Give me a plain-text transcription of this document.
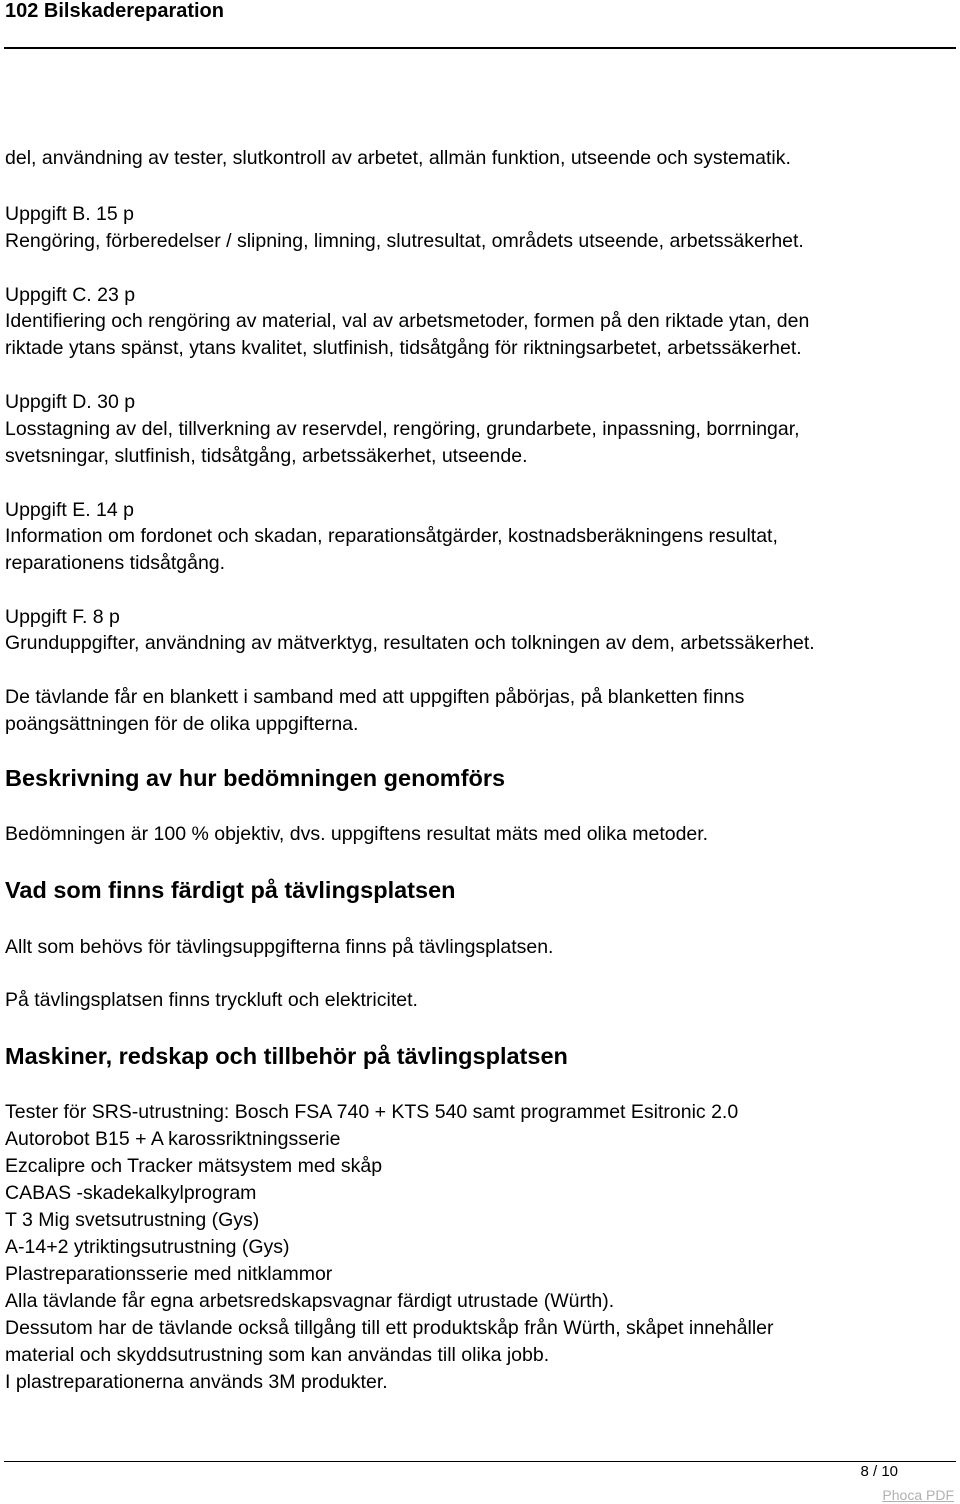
102 Bilskadereparation
del, användning av tester, slutkontroll av arbetet, allmän funktion, utseende och systematik.
Uppgift B. 15 p
Rengöring, förberedelser / slipning, limning, slutresultat, områdets utseende, arbetssäkerhet.
Uppgift C. 23 p
Identifiering och rengöring av material, val av arbetsmetoder, formen på den riktade ytan, den
riktade ytans spänst, ytans kvalitet, slutfinish, tidsåtgång för riktningsarbetet, arbetssäkerhet.
Uppgift D. 30 p
Losstagning av del, tillverkning av reservdel, rengöring, grundarbete, inpassning, borrningar,
svetsningar, slutfinish, tidsåtgång, arbetssäkerhet, utseende.
Uppgift E. 14 p
Information om fordonet och skadan, reparationsåtgärder, kostnadsberäkningens resultat,
reparationens tidsåtgång.
Uppgift F. 8 p
Grunduppgifter, användning av mätverktyg, resultaten och tolkningen av dem, arbetssäkerhet.
De tävlande får en blankett i samband med att uppgiften påbörjas, på blanketten finns
poängsättningen för de olika uppgifterna.
Beskrivning av hur bedömningen genomförs
Bedömningen är 100 % objektiv, dvs. uppgiftens resultat mäts med olika metoder.
Vad som finns färdigt på tävlingsplatsen
Allt som behövs för tävlingsuppgifterna finns på tävlingsplatsen.
På tävlingsplatsen finns tryckluft och elektricitet.
Maskiner, redskap och tillbehör på tävlingsplatsen
Tester för SRS-utrustning: Bosch FSA 740 + KTS 540 samt programmet Esitronic 2.0
Autorobot B15 + A karossriktningsserie
Ezcalipre och Tracker mätsystem med skåp
CABAS -skadekalkylprogram
T 3 Mig svetsutrustning (Gys)
A-14+2 ytriktingsutrustning (Gys)
Plastreparationsserie med nitklammor
Alla tävlande får egna arbetsredskapsvagnar färdigt utrustade (Würth).
Dessutom har de tävlande också tillgång till ett produktskåp från Würth, skåpet innehåller
material och skyddsutrustning som kan användas till olika jobb.
I plastreparationerna används 3M produkter.
8 / 10
Phoca PDF
